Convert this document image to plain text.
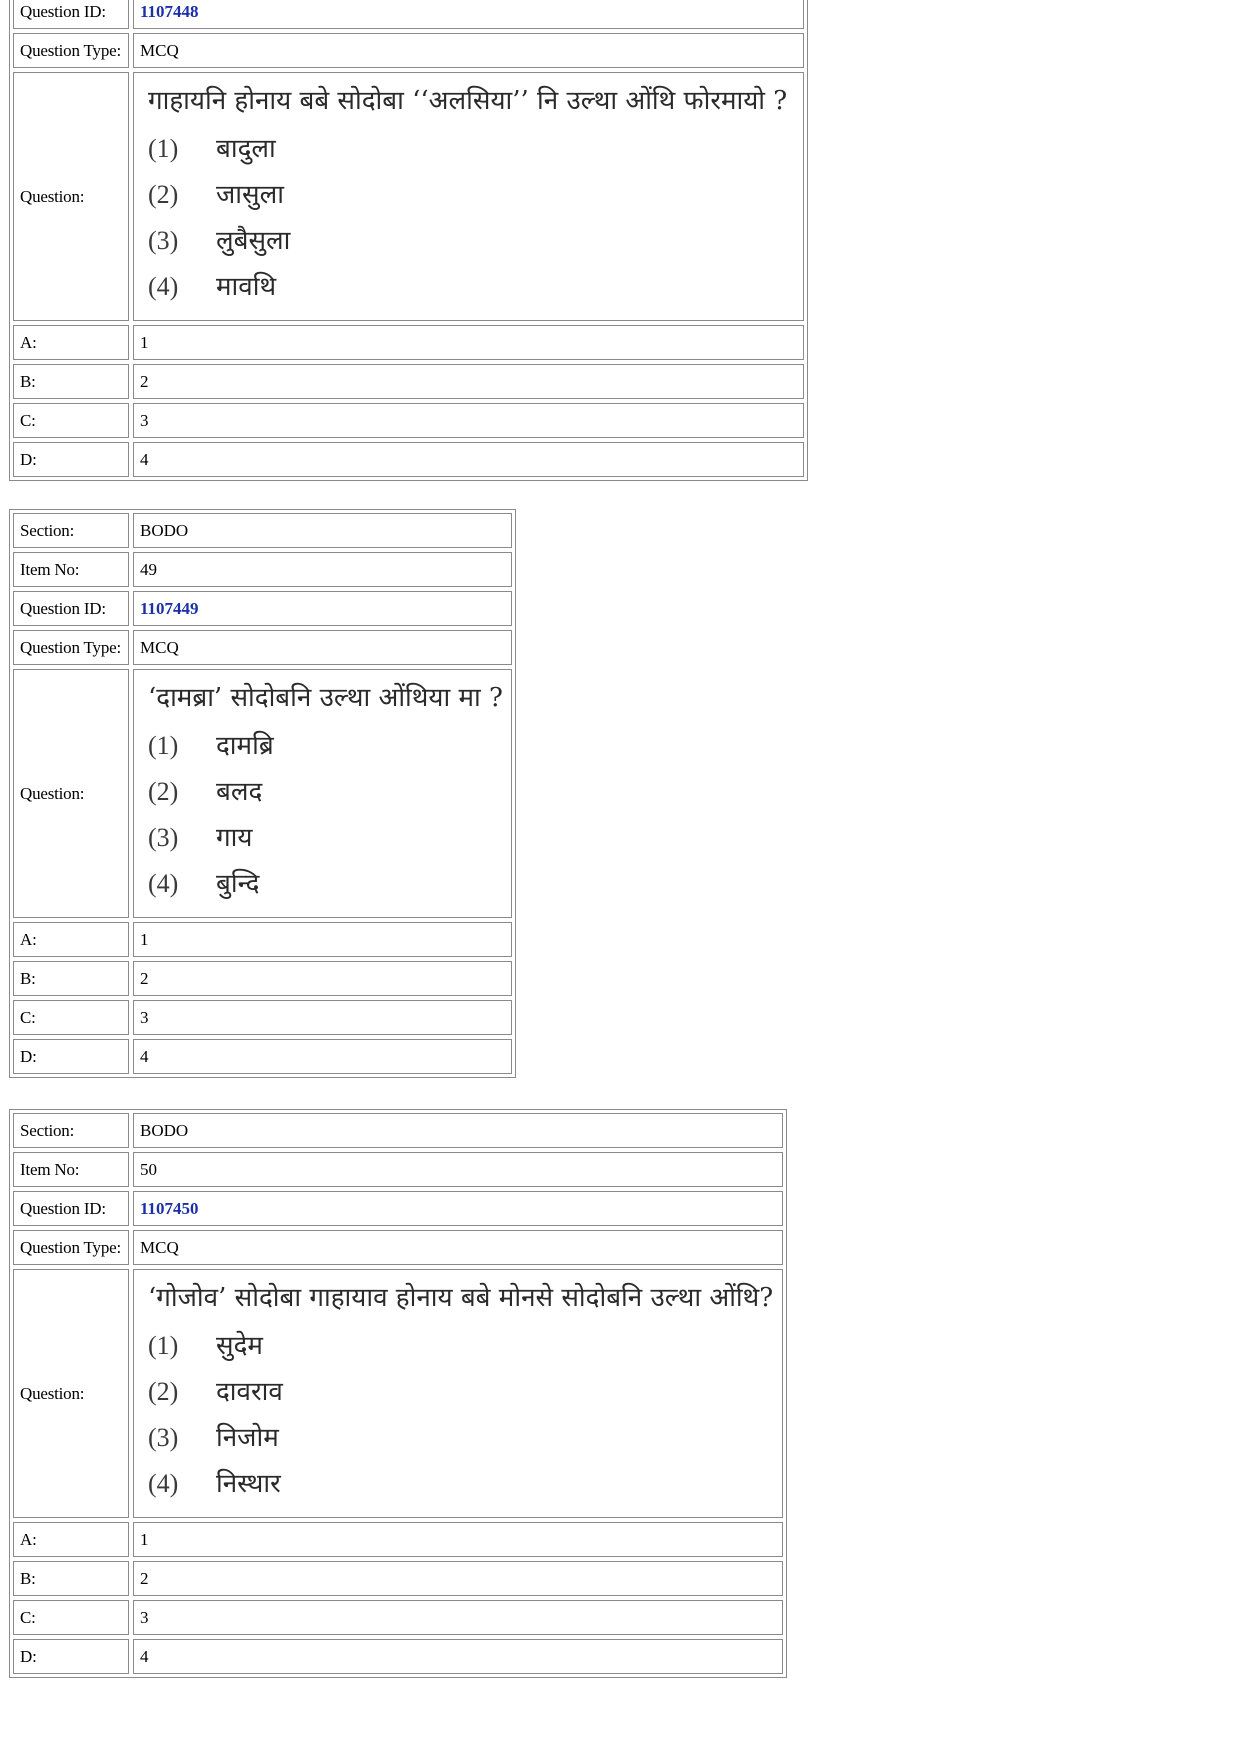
Question ID:	1107448
Question Type:	MCQ
Question:
गाहायनि होनाय बबे सोदोबा ‘‘अलसिया’’ नि उल्था ओंथि फोरमायो ?
(1)	बादुला
(2)	जासुला
(3)	लुबैसुला
(4)	मावथि
A:	1
B:	2
C:	3
D:	4
Section:	BODO
Item No:	49
Question ID:	1107449
Question Type:	MCQ
Question:
‘दामब्रा’ सोदोबनि उल्था ओंथिया मा ?
(1)	दामब्रि
(2)	बलद
(3)	गाय
(4)	बुन्दि
A:	1
B:	2
C:	3
D:	4
Section:	BODO
Item No:	50
Question ID:	1107450
Question Type:	MCQ
Question:
‘गोजोव’ सोदोबा गाहायाव होनाय बबे मोनसे सोदोबनि उल्था ओंथि?
(1)	सुदेम
(2)	दावराव
(3)	निजोम
(4)	निस्थार
A:	1
B:	2
C:	3
D:	4
